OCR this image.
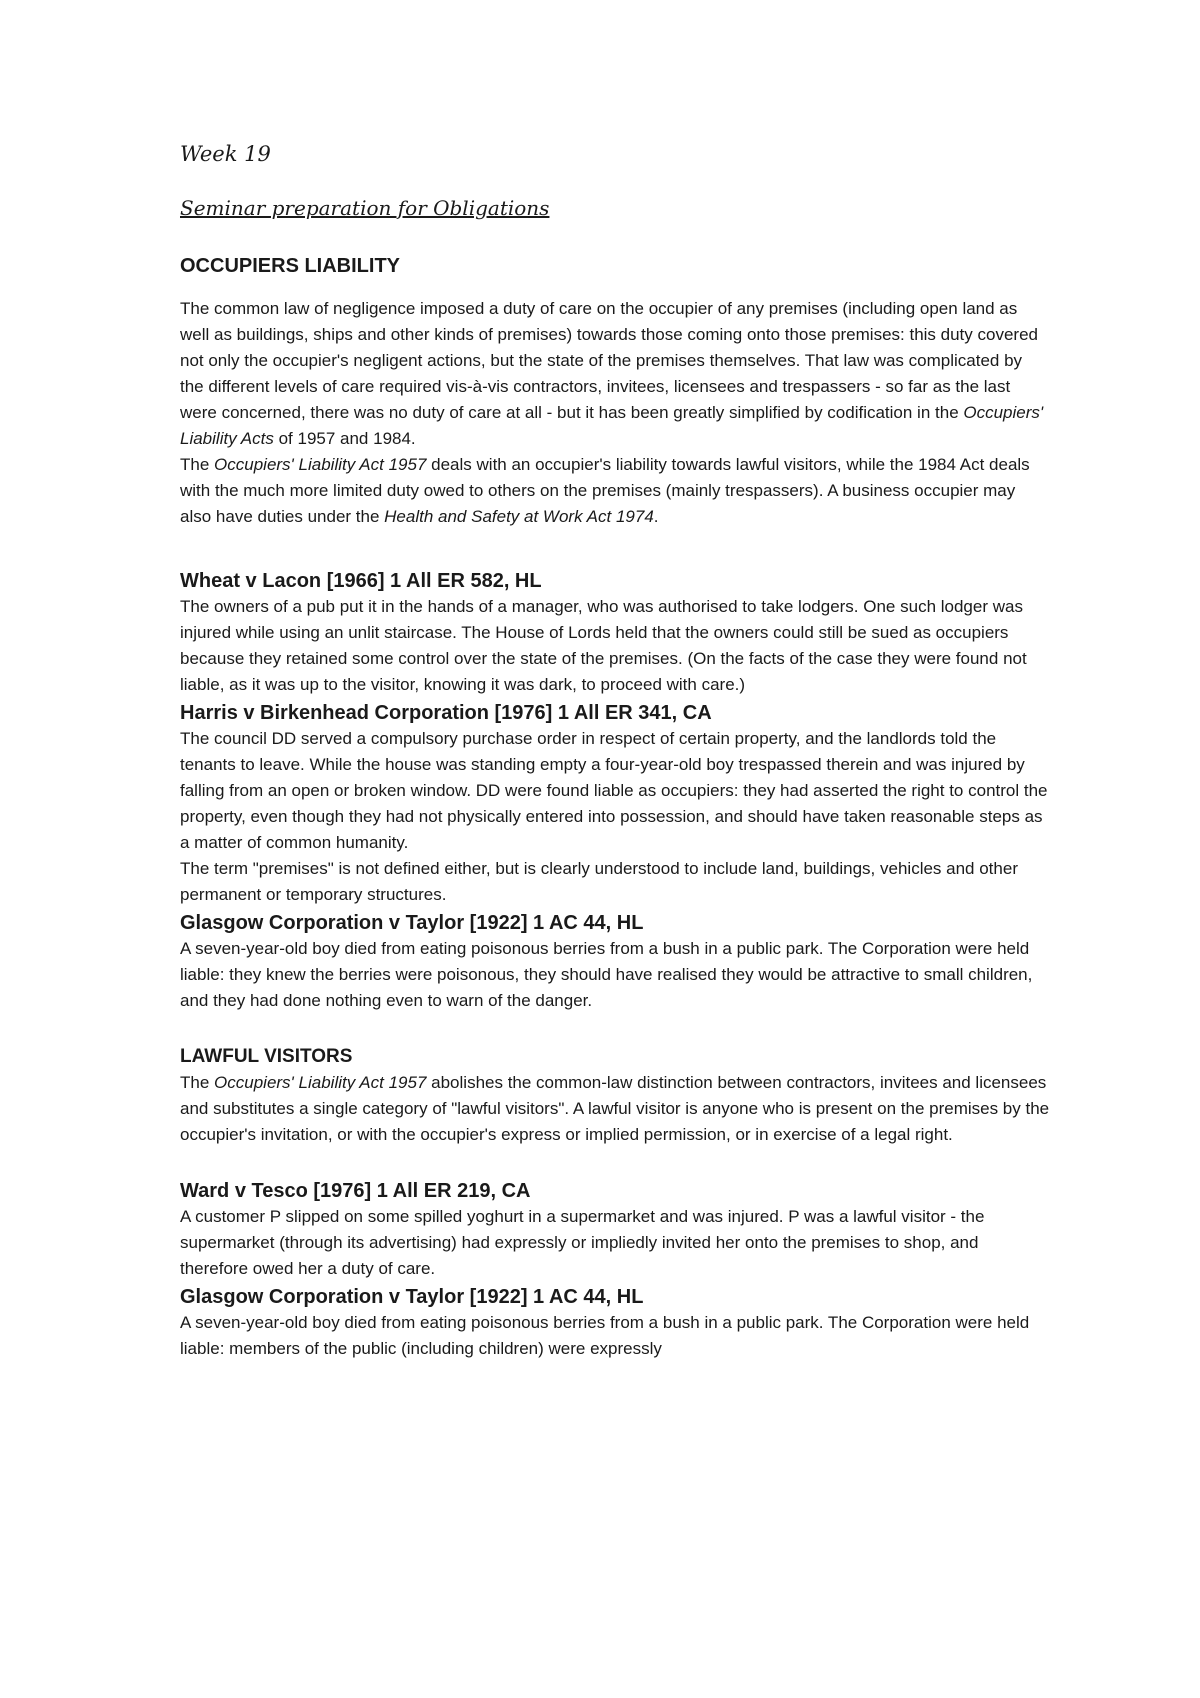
Week 19

Seminar preparation for Obligations

OCCUPIERS LIABILITY

The common law of negligence imposed a duty of care on the occupier of any premises (including open land as well as buildings, ships and other kinds of premises) towards those coming onto those premises: this duty covered not only the occupier's negligent actions, but the state of the premises themselves. That law was complicated by the different levels of care required vis-à-vis contractors, invitees, licensees and trespassers - so far as the last were concerned, there was no duty of care at all - but it has been greatly simplified by codification in the Occupiers' Liability Acts of 1957 and 1984.

The Occupiers' Liability Act 1957 deals with an occupier's liability towards lawful visitors, while the 1984 Act deals with the much more limited duty owed to others on the premises (mainly trespassers). A business occupier may also have duties under the Health and Safety at Work Act 1974.

Wheat v Lacon [1966] 1 All ER 582, HL

The owners of a pub put it in the hands of a manager, who was authorised to take lodgers. One such lodger was injured while using an unlit staircase. The House of Lords held that the owners could still be sued as occupiers because they retained some control over the state of the premises. (On the facts of the case they were found not liable, as it was up to the visitor, knowing it was dark, to proceed with care.)

Harris v Birkenhead Corporation [1976] 1 All ER 341, CA

The council DD served a compulsory purchase order in respect of certain property, and the landlords told the tenants to leave. While the house was standing empty a four-year-old boy trespassed therein and was injured by falling from an open or broken window. DD were found liable as occupiers: they had asserted the right to control the property, even though they had not physically entered into possession, and should have taken reasonable steps as a matter of common humanity.

The term "premises" is not defined either, but is clearly understood to include land, buildings, vehicles and other permanent or temporary structures.

Glasgow Corporation v Taylor [1922] 1 AC 44, HL

A seven-year-old boy died from eating poisonous berries from a bush in a public park. The Corporation were held liable: they knew the berries were poisonous, they should have realised they would be attractive to small children, and they had done nothing even to warn of the danger.

LAWFUL VISITORS

The Occupiers' Liability Act 1957 abolishes the common-law distinction between contractors, invitees and licensees and substitutes a single category of "lawful visitors". A lawful visitor is anyone who is present on the premises by the occupier's invitation, or with the occupier's express or implied permission, or in exercise of a legal right.

Ward v Tesco [1976] 1 All ER 219, CA

A customer P slipped on some spilled yoghurt in a supermarket and was injured. P was a lawful visitor - the supermarket (through its advertising) had expressly or impliedly invited her onto the premises to shop, and therefore owed her a duty of care.

Glasgow Corporation v Taylor [1922] 1 AC 44, HL

A seven-year-old boy died from eating poisonous berries from a bush in a public park. The Corporation were held liable: members of the public (including children) were expressly
